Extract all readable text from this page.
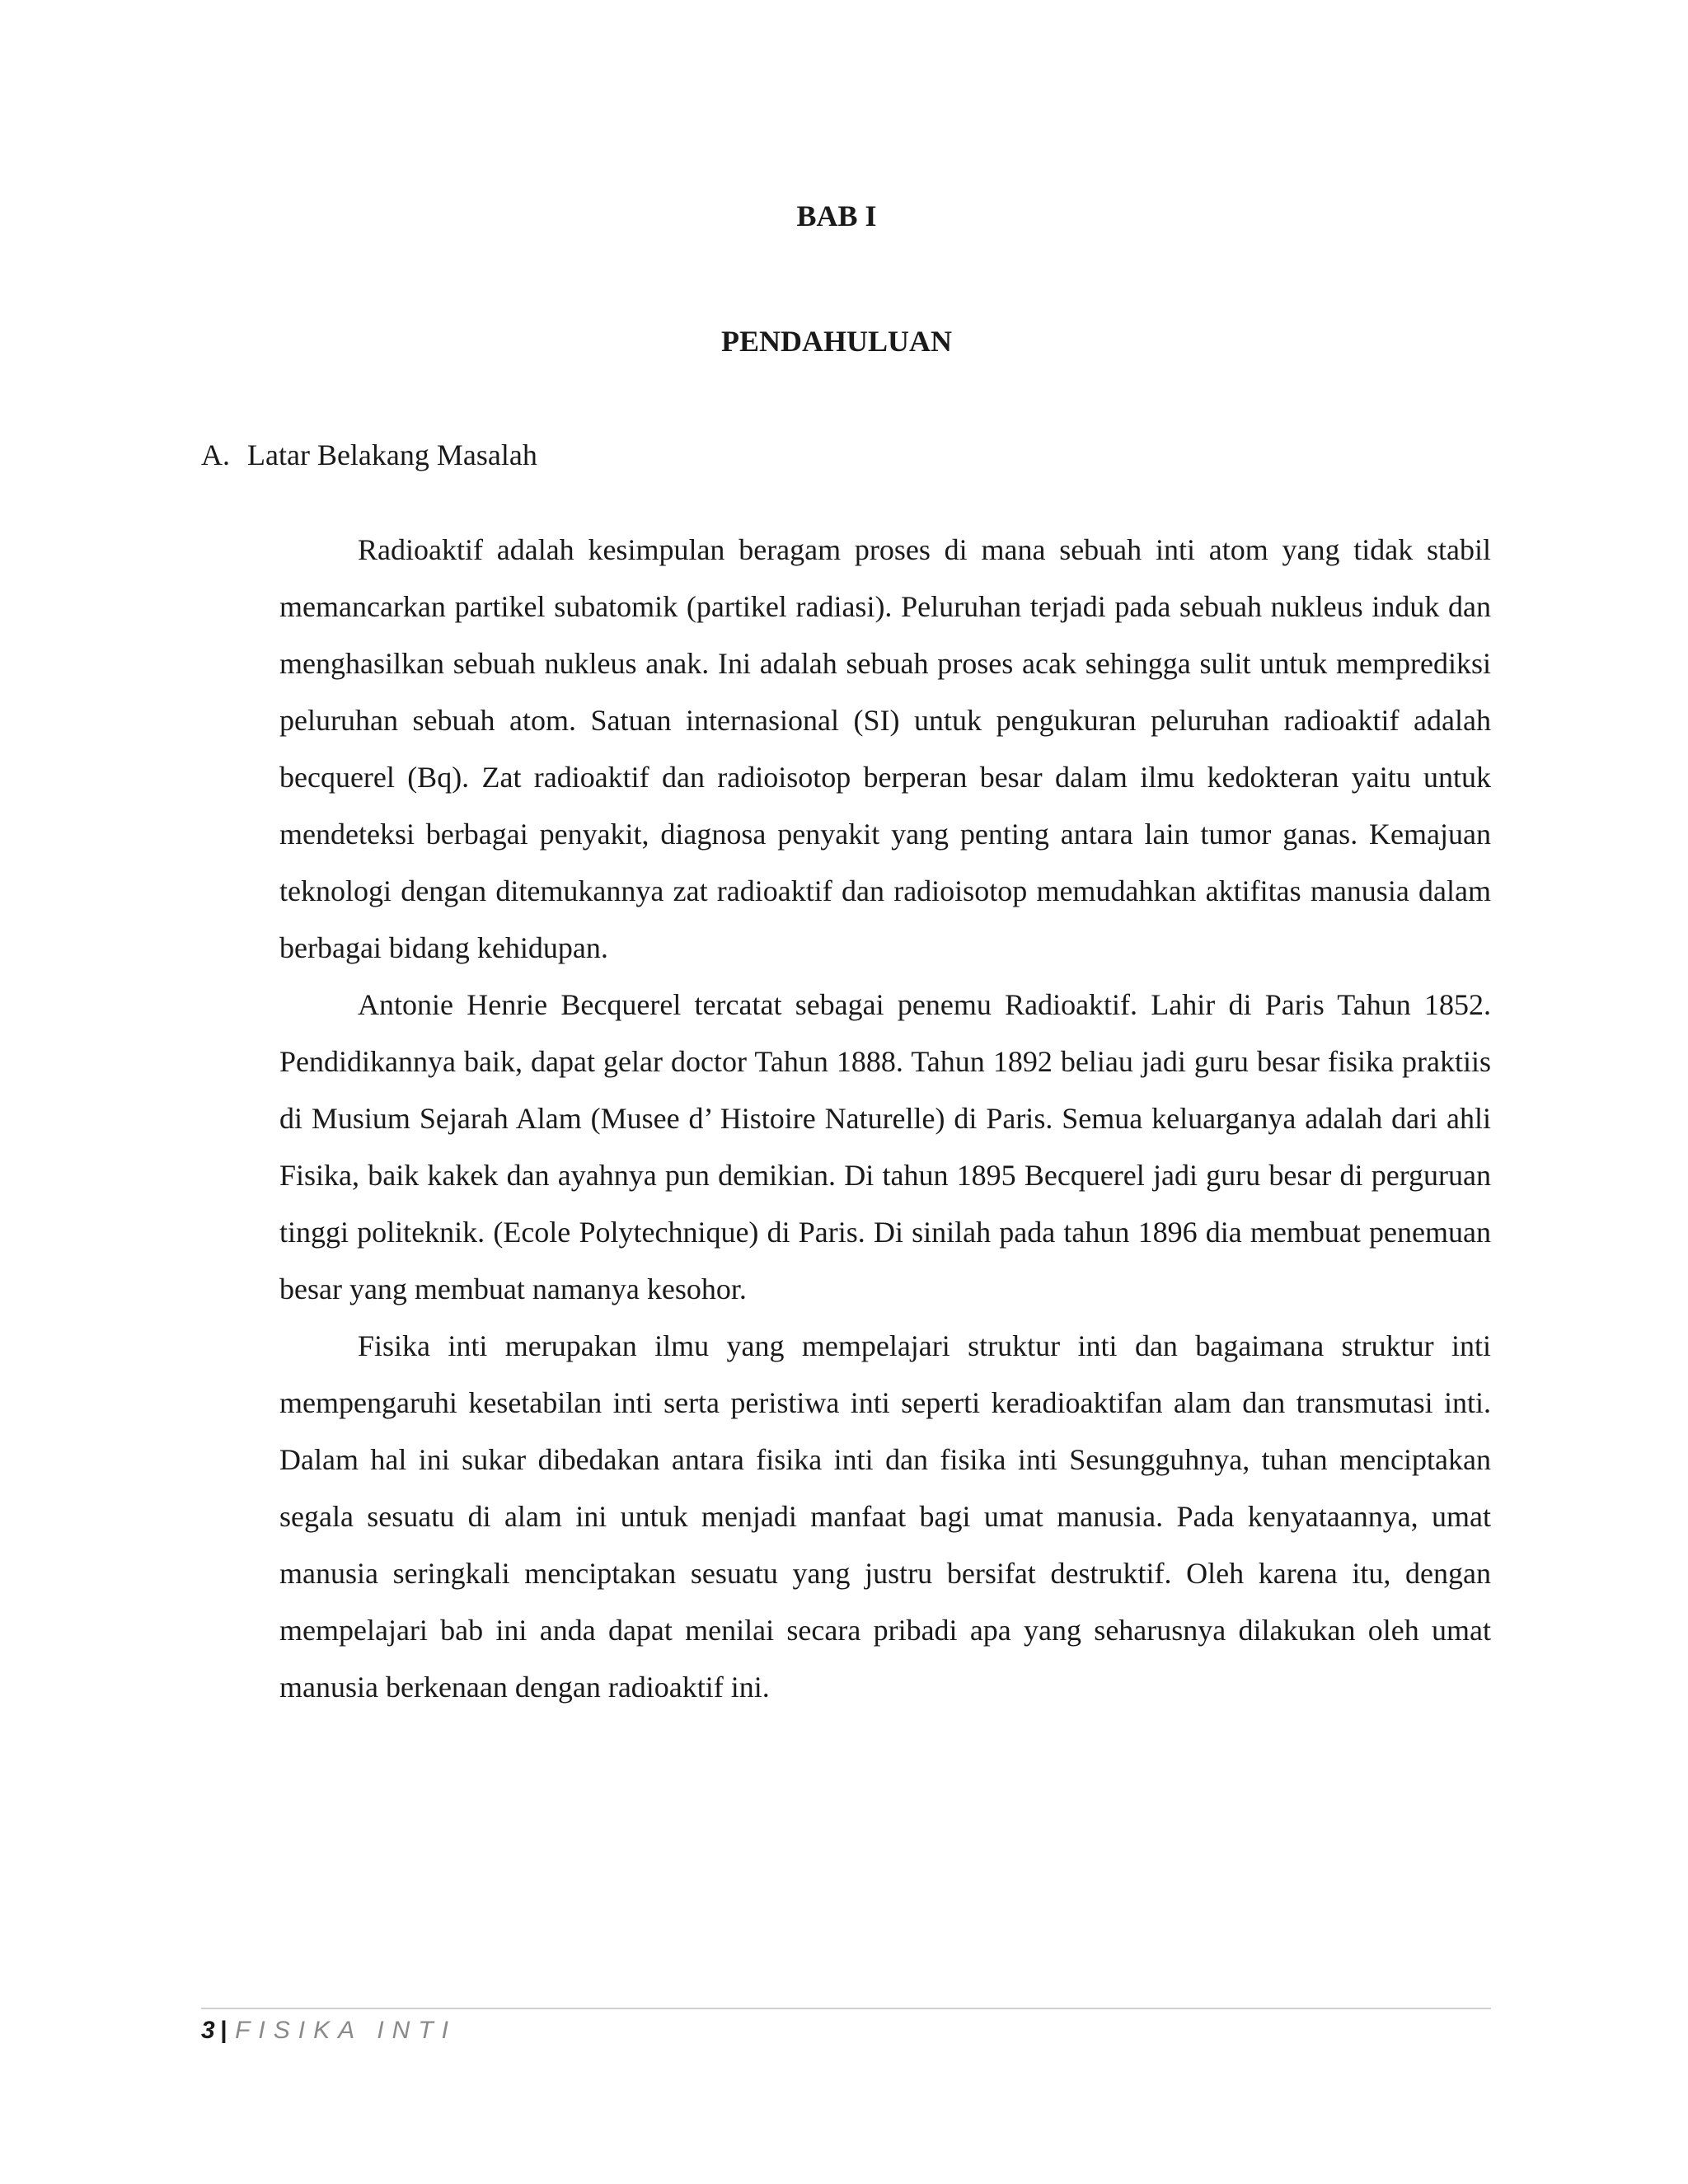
BAB I
PENDAHULUAN
A. Latar Belakang Masalah

Radioaktif adalah kesimpulan beragam proses di mana sebuah inti atom yang tidak stabil memancarkan partikel subatomik (partikel radiasi). Peluruhan terjadi pada sebuah nukleus induk dan menghasilkan sebuah nukleus anak. Ini adalah sebuah proses acak sehingga sulit untuk memprediksi peluruhan sebuah atom. Satuan internasional (SI) untuk pengukuran peluruhan radioaktif adalah becquerel (Bq). Zat radioaktif dan radioisotop berperan besar dalam ilmu kedokteran yaitu untuk mendeteksi berbagai penyakit, diagnosa penyakit yang penting antara lain tumor ganas. Kemajuan teknologi dengan ditemukannya zat radioaktif dan radioisotop memudahkan aktifitas manusia dalam berbagai bidang kehidupan.

Antonie Henrie Becquerel tercatat sebagai penemu Radioaktif. Lahir di Paris Tahun 1852. Pendidikannya baik, dapat gelar doctor Tahun 1888. Tahun 1892 beliau jadi guru besar fisika praktiis di Musium Sejarah Alam (Musee d’ Histoire Naturelle) di Paris. Semua keluarganya adalah dari ahli Fisika, baik kakek dan ayahnya pun demikian. Di tahun 1895 Becquerel jadi guru besar di perguruan tinggi politeknik. (Ecole Polytechnique) di Paris. Di sinilah pada tahun 1896 dia membuat penemuan besar yang membuat namanya kesohor.

Fisika inti merupakan ilmu yang mempelajari struktur inti dan bagaimana struktur inti mempengaruhi kesetabilan inti serta peristiwa inti seperti keradioaktifan alam dan transmutasi inti. Dalam hal ini sukar dibedakan antara fisika inti dan fisika inti Sesungguhnya, tuhan menciptakan segala sesuatu di alam ini untuk menjadi manfaat bagi umat manusia. Pada kenyataannya, umat manusia seringkali menciptakan sesuatu yang justru bersifat destruktif. Oleh karena itu, dengan mempelajari bab ini anda dapat menilai secara pribadi apa yang seharusnya dilakukan oleh umat manusia berkenaan dengan radioaktif ini.

3 | FISIKA INTI
